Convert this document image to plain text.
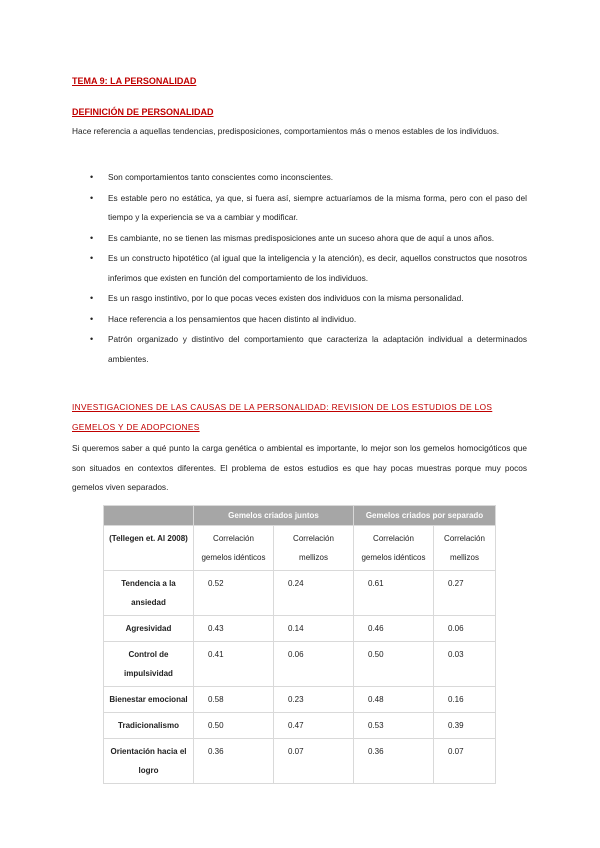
TEMA 9: LA PERSONALIDAD

DEFINICIÓN DE PERSONALIDAD

Hace referencia a aquellas tendencias, predisposiciones, comportamientos más o menos estables de los individuos.

• Son comportamientos tanto conscientes como inconscientes.
• Es estable pero no estática, ya que, si fuera así, siempre actuaríamos de la misma forma, pero con el paso del tiempo y la experiencia se va a cambiar y modificar.
• Es cambiante, no se tienen las mismas predisposiciones ante un suceso ahora que de aquí a unos años.
• Es un constructo hipotético (al igual que la inteligencia y la atención), es decir, aquellos constructos que nosotros inferimos que existen en función del comportamiento de los individuos.
• Es un rasgo instintivo, por lo que pocas veces existen dos individuos con la misma personalidad.
• Hace referencia a los pensamientos que hacen distinto al individuo.
• Patrón organizado y distintivo del comportamiento que caracteriza la adaptación individual a determinados ambientes.

INVESTIGACIONES DE LAS CAUSAS DE LA PERSONALIDAD: REVISION DE LOS ESTUDIOS DE LOS GEMELOS Y DE ADOPCIONES

Si queremos saber a qué punto la carga genética o ambiental es importante, lo mejor son los gemelos homocigóticos que son situados en contextos diferentes. El problema de estos estudios es que hay pocas muestras porque muy pocos gemelos viven separados.

	Gemelos criados juntos		Gemelos criados por separado	
(Tellegen et. Al 2008)	Correlación gemelos idénticos	Correlación mellizos	Correlación gemelos idénticos	Correlación mellizos
Tendencia a la ansiedad	0.52	0.24	0.61	0.27
Agresividad	0.43	0.14	0.46	0.06
Control de impulsividad	0.41	0.06	0.50	0.03
Bienestar emocional	0.58	0.23	0.48	0.16
Tradicionalismo	0.50	0.47	0.53	0.39
Orientación hacia el logro	0.36	0.07	0.36	0.07
